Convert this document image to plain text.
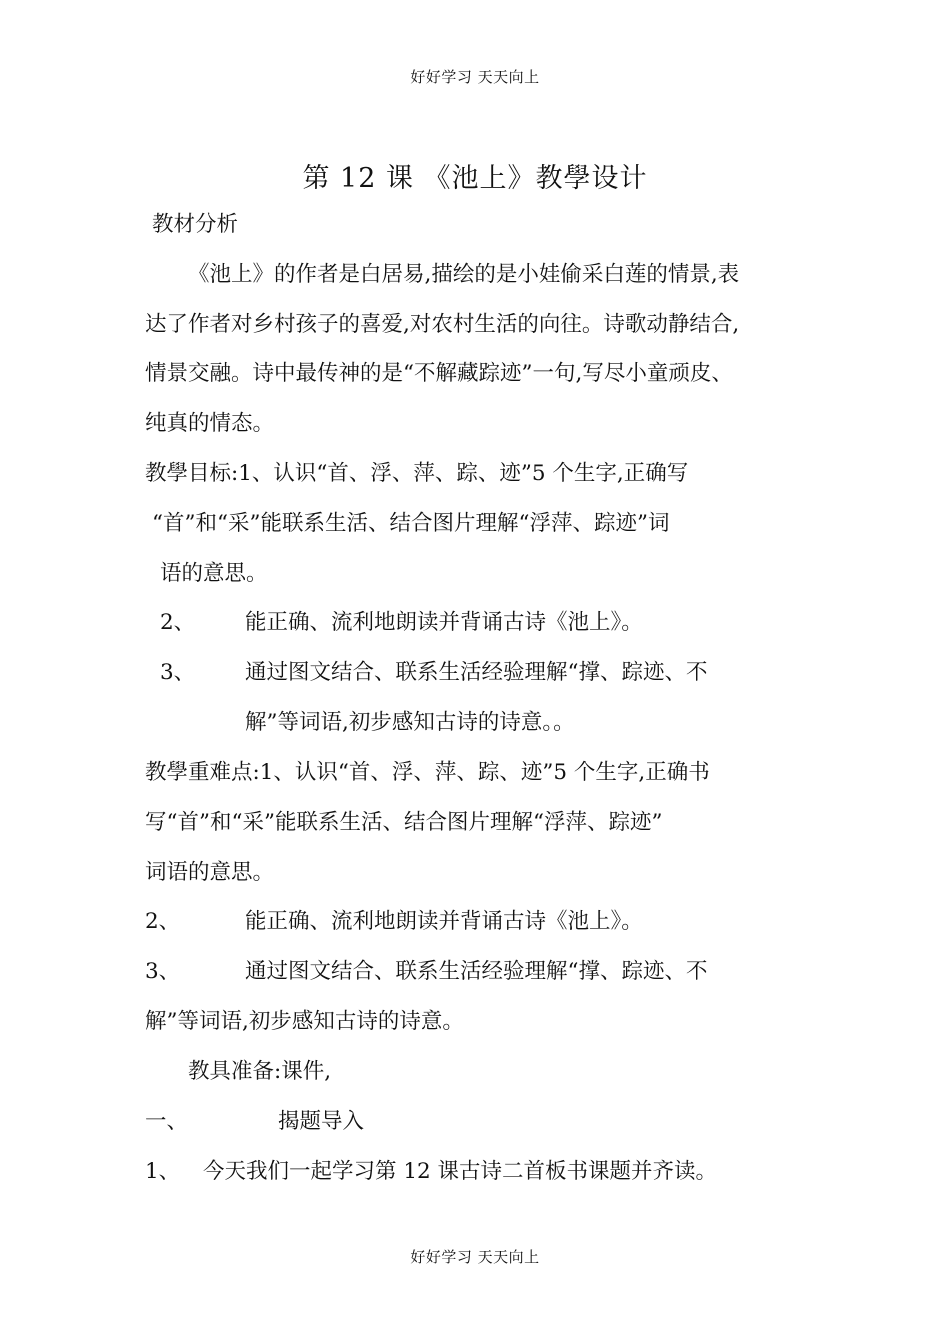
好好学习 天天向上
第 12 课 《池上》教學设计
教材分析
《池上》的作者是白居易,描绘的是小娃偷采白莲的情景,表
达了作者对乡村孩子的喜爱,对农村生活的向往。诗歌动静结合,
情景交融。诗中最传神的是“不解藏踪迹”一句,写尽小童顽皮、
纯真的情态。
教學目标:1、认识“首、浮、萍、踪、迹”5 个生字,正确写
“首”和“采”能联系生活、结合图片理解“浮萍、踪迹”词
语的意思。
2、 能正确、流利地朗读并背诵古诗《池上》。
3、 通过图文结合、联系生活经验理解“撑、踪迹、不
解”等词语,初步感知古诗的诗意。。
教學重难点:1、认识“首、浮、萍、踪、迹”5 个生字,正确书
写“首”和“采”能联系生活、结合图片理解“浮萍、踪迹”
词语的意思。
2、	能正确、流利地朗读并背诵古诗《池上》。
3、	通过图文结合、联系生活经验理解“撑、踪迹、不
解”等词语,初步感知古诗的诗意。
教具准备:课件,
一、	揭题导入
1、 今天我们一起学习第 12 课古诗二首板书课题并齐读。
好好学习 天天向上
